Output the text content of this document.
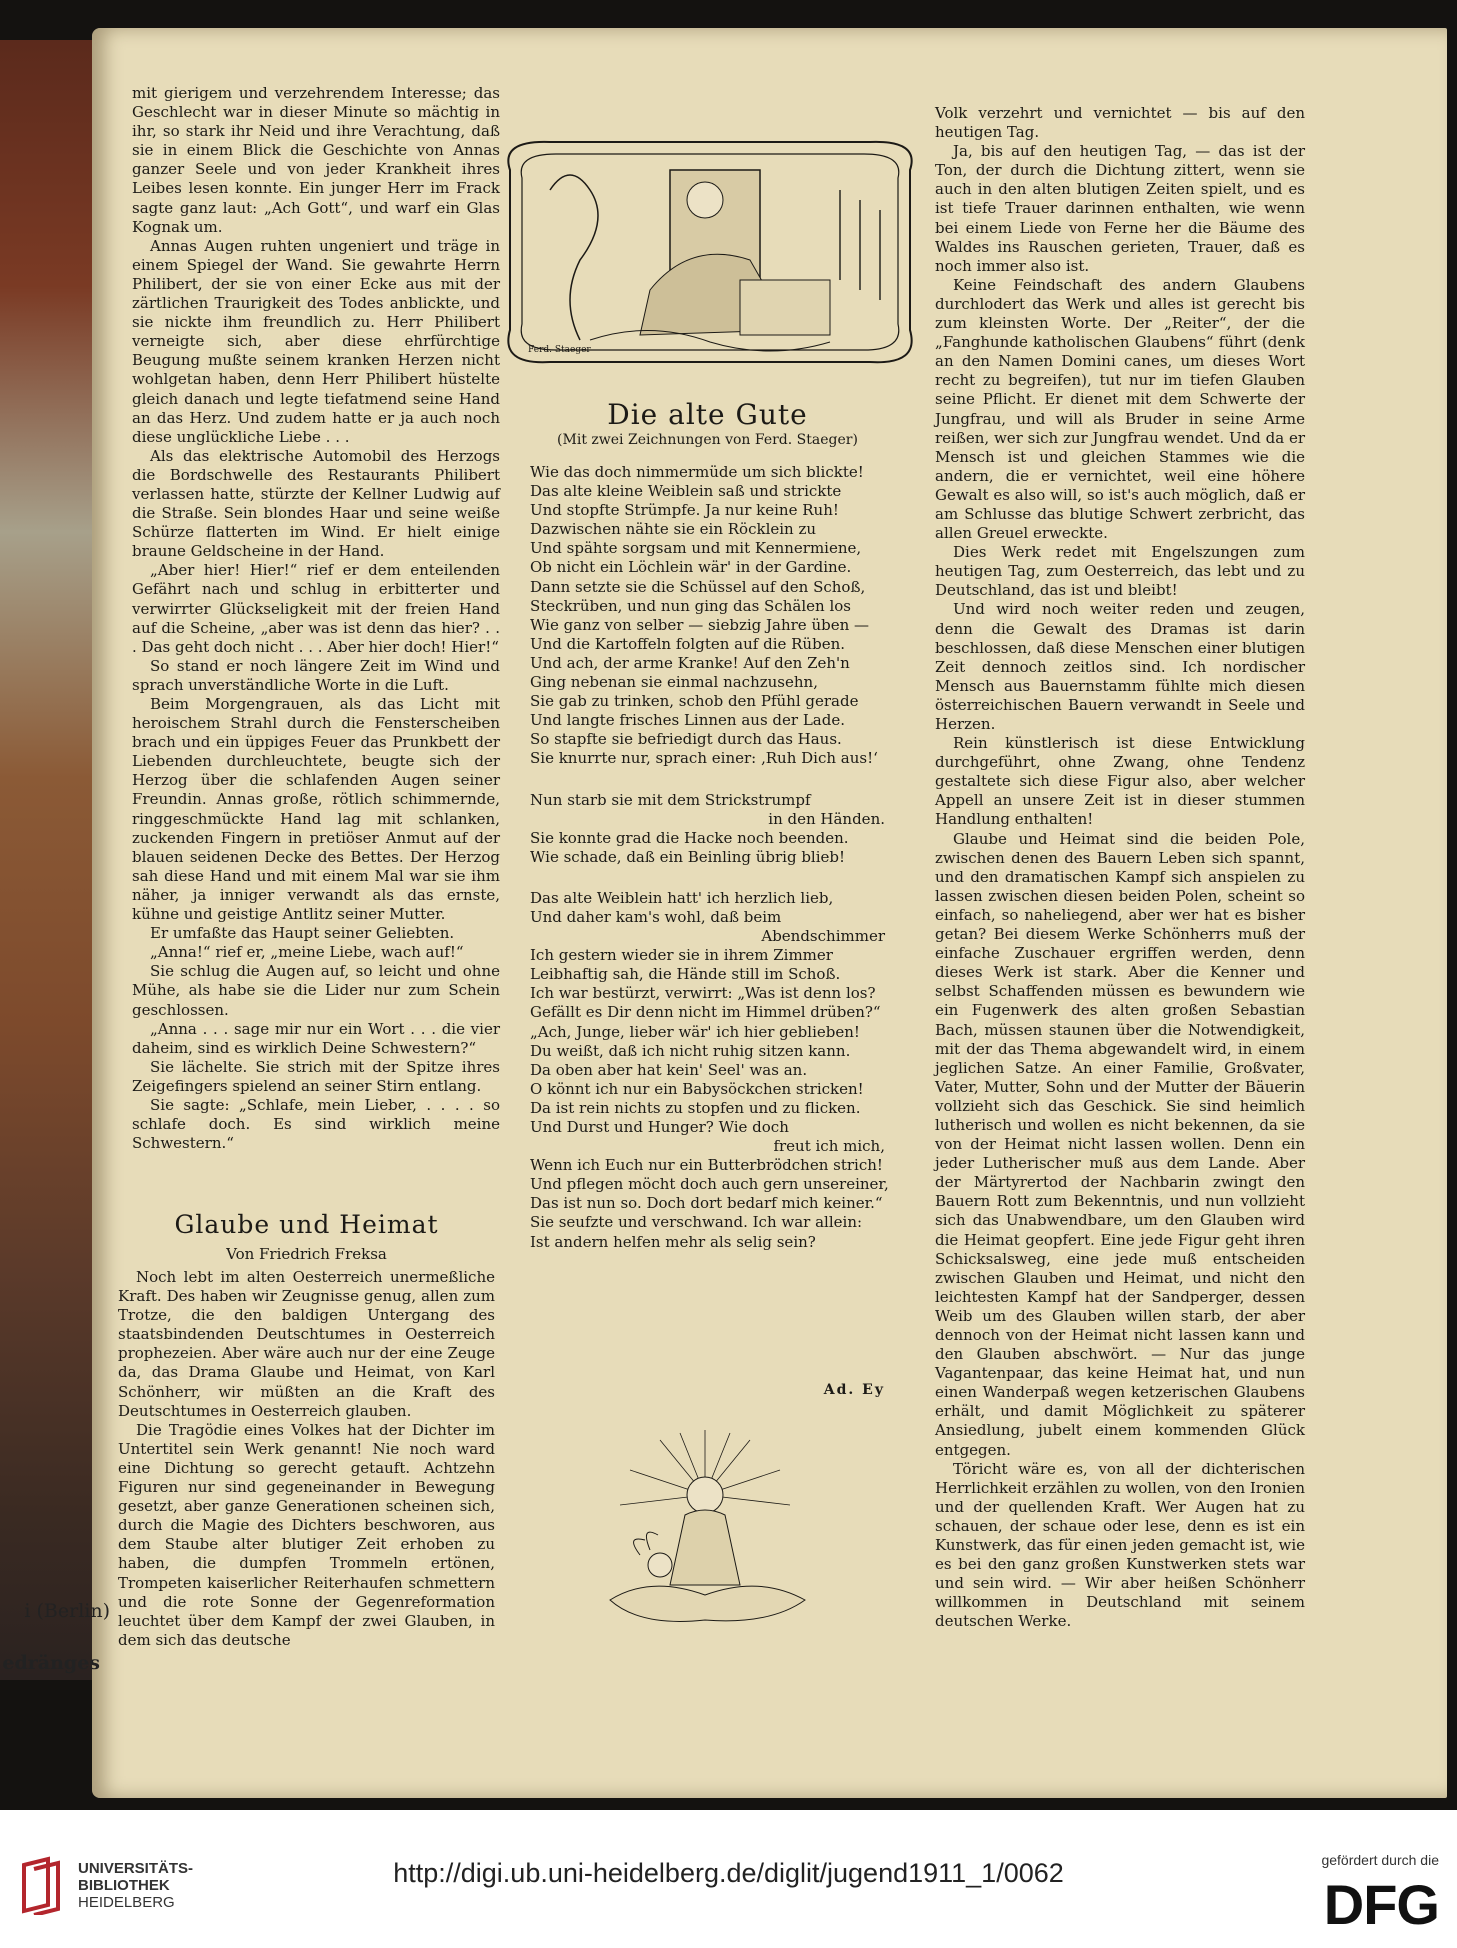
i (Berlin)
edränges

mit gierigem und verzehrendem Interesse; das Geschlecht war in dieser Minute so mächtig in ihr, so stark ihr Neid und ihre Verachtung, daß sie in einem Blick die Geschichte von Annas ganzer Seele und von jeder Krankheit ihres Leibes lesen konnte. Ein junger Herr im Frack sagte ganz laut: „Ach Gott“, und warf ein Glas Kognak um.

Annas Augen ruhten ungeniert und träge in einem Spiegel der Wand. Sie gewahrte Herrn Philibert, der sie von einer Ecke aus mit der zärtlichen Traurigkeit des Todes anblickte, und sie nickte ihm freundlich zu. Herr Philibert verneigte sich, aber diese ehrfürchtige Beugung mußte seinem kranken Herzen nicht wohlgetan haben, denn Herr Philibert hüstelte gleich danach und legte tiefatmend seine Hand an das Herz. Und zudem hatte er ja auch noch diese unglückliche Liebe . . .

Als das elektrische Automobil des Herzogs die Bordschwelle des Restaurants Philibert verlassen hatte, stürzte der Kellner Ludwig auf die Straße. Sein blondes Haar und seine weiße Schürze flatterten im Wind. Er hielt einige braune Geldscheine in der Hand.

„Aber hier! Hier!“ rief er dem enteilenden Gefährt nach und schlug in erbitterter und verwirrter Glückseligkeit mit der freien Hand auf die Scheine, „aber was ist denn das hier? . . . Das geht doch nicht . . . Aber hier doch! Hier!“

So stand er noch längere Zeit im Wind und sprach unverständliche Worte in die Luft.

Beim Morgengrauen, als das Licht mit heroischem Strahl durch die Fensterscheiben brach und ein üppiges Feuer das Prunkbett der Liebenden durchleuchtete, beugte sich der Herzog über die schlafenden Augen seiner Freundin. Annas große, rötlich schimmernde, ringgeschmückte Hand lag mit schlanken, zuckenden Fingern in pretiöser Anmut auf der blauen seidenen Decke des Bettes. Der Herzog sah diese Hand und mit einem Mal war sie ihm näher, ja inniger verwandt als das ernste, kühne und geistige Antlitz seiner Mutter.

Er umfaßte das Haupt seiner Geliebten.

„Anna!“ rief er, „meine Liebe, wach auf!“

Sie schlug die Augen auf, so leicht und ohne Mühe, als habe sie die Lider nur zum Schein geschlossen.

„Anna . . . sage mir nur ein Wort . . . die vier daheim, sind es wirklich Deine Schwestern?“

Sie lächelte. Sie strich mit der Spitze ihres Zeigefingers spielend an seiner Stirn entlang.

Sie sagte: „Schlafe, mein Lieber, . . . . so schlafe doch. Es sind wirklich meine Schwestern.“

Ferd. Staeger
Die alte Gute
(Mit zwei Zeichnungen von Ferd. Staeger)
Wie das doch nimmermüde um sich blickte!
Das alte kleine Weiblein saß und strickte
Und stopfte Strümpfe. Ja nur keine Ruh!
Dazwischen nähte sie ein Röcklein zu
Und spähte sorgsam und mit Kennermiene,
Ob nicht ein Löchlein wär' in der Gardine.
Dann setzte sie die Schüssel auf den Schoß,
Steckrüben, und nun ging das Schälen los
Wie ganz von selber — siebzig Jahre üben —
Und die Kartoffeln folgten auf die Rüben.
Und ach, der arme Kranke! Auf den Zeh'n
Ging nebenan sie einmal nachzusehn,
Sie gab zu trinken, schob den Pfühl gerade
Und langte frisches Linnen aus der Lade.
So stapfte sie befriedigt durch das Haus.
Sie knurrte nur, sprach einer: ‚Ruh Dich aus!‘
Nun starb sie mit dem Strickstrumpf
in den Händen.
Sie konnte grad die Hacke noch beenden.
Wie schade, daß ein Beinling übrig blieb!
Das alte Weiblein hatt' ich herzlich lieb,
Und daher kam's wohl, daß beim
Abendschimmer
Ich gestern wieder sie in ihrem Zimmer
Leibhaftig sah, die Hände still im Schoß.
Ich war bestürzt, verwirrt: „Was ist denn los?
Gefällt es Dir denn nicht im Himmel drüben?“
„Ach, Junge, lieber wär' ich hier geblieben!
Du weißt, daß ich nicht ruhig sitzen kann.
Da oben aber hat kein' Seel' was an.
O könnt ich nur ein Babysöckchen stricken!
Da ist rein nichts zu stopfen und zu flicken.
Und Durst und Hunger? Wie doch
freut ich mich,
Wenn ich Euch nur ein Butterbrödchen strich!
Und pflegen möcht doch auch gern unsereiner,
Das ist nun so. Doch dort bedarf mich keiner.“
Sie seufzte und verschwand. Ich war allein:
Ist andern helfen mehr als selig sein?
Ad. Ey
Glaube und Heimat
Von Friedrich Freksa

Noch lebt im alten Oesterreich unermeßliche Kraft. Des haben wir Zeugnisse genug, allen zum Trotze, die den baldigen Untergang des staatsbindenden Deutschtumes in Oesterreich prophezeien. Aber wäre auch nur der eine Zeuge da, das Drama Glaube und Heimat, von Karl Schönherr, wir müßten an die Kraft des Deutschtumes in Oesterreich glauben.

Die Tragödie eines Volkes hat der Dichter im Untertitel sein Werk genannt! Nie noch ward eine Dichtung so gerecht getauft. Achtzehn Figuren nur sind gegeneinander in Bewegung gesetzt, aber ganze Generationen scheinen sich, durch die Magie des Dichters beschworen, aus dem Staube alter blutiger Zeit erhoben zu haben, die dumpfen Trommeln ertönen, Trompeten kaiserlicher Reiterhaufen schmettern und die rote Sonne der Gegenreformation leuchtet über dem Kampf der zwei Glauben, in dem sich das deutsche

Volk verzehrt und vernichtet — bis auf den heutigen Tag.

Ja, bis auf den heutigen Tag, — das ist der Ton, der durch die Dichtung zittert, wenn sie auch in den alten blutigen Zeiten spielt, und es ist tiefe Trauer darinnen enthalten, wie wenn bei einem Liede von Ferne her die Bäume des Waldes ins Rauschen gerieten, Trauer, daß es noch immer also ist.

Keine Feindschaft des andern Glaubens durchlodert das Werk und alles ist gerecht bis zum kleinsten Worte. Der „Reiter“, der die „Fanghunde katholischen Glaubens“ führt (denk an den Namen Domini canes, um dieses Wort recht zu begreifen), tut nur im tiefen Glauben seine Pflicht. Er dienet mit dem Schwerte der Jungfrau, und will als Bruder in seine Arme reißen, wer sich zur Jungfrau wendet. Und da er Mensch ist und gleichen Stammes wie die andern, die er vernichtet, weil eine höhere Gewalt es also will, so ist's auch möglich, daß er am Schlusse das blutige Schwert zerbricht, das allen Greuel erweckte.

Dies Werk redet mit Engelszungen zum heutigen Tag, zum Oesterreich, das lebt und zu Deutschland, das ist und bleibt!

Und wird noch weiter reden und zeugen, denn die Gewalt des Dramas ist darin beschlossen, daß diese Menschen einer blutigen Zeit dennoch zeitlos sind. Ich nordischer Mensch aus Bauernstamm fühlte mich diesen österreichischen Bauern verwandt in Seele und Herzen.

Rein künstlerisch ist diese Entwicklung durchgeführt, ohne Zwang, ohne Tendenz gestaltete sich diese Figur also, aber welcher Appell an unsere Zeit ist in dieser stummen Handlung enthalten!

Glaube und Heimat sind die beiden Pole, zwischen denen des Bauern Leben sich spannt, und den dramatischen Kampf sich anspielen zu lassen zwischen diesen beiden Polen, scheint so einfach, so naheliegend, aber wer hat es bisher getan? Bei diesem Werke Schönherrs muß der einfache Zuschauer ergriffen werden, denn dieses Werk ist stark. Aber die Kenner und selbst Schaffenden müssen es bewundern wie ein Fugenwerk des alten großen Sebastian Bach, müssen staunen über die Notwendigkeit, mit der das Thema abgewandelt wird, in einem jeglichen Satze. An einer Familie, Großvater, Vater, Mutter, Sohn und der Mutter der Bäuerin vollzieht sich das Geschick. Sie sind heimlich lutherisch und wollen es nicht bekennen, da sie von der Heimat nicht lassen wollen. Denn ein jeder Lutherischer muß aus dem Lande. Aber der Märtyrertod der Nachbarin zwingt den Bauern Rott zum Bekenntnis, und nun vollzieht sich das Unabwendbare, um den Glauben wird die Heimat geopfert. Eine jede Figur geht ihren Schicksalsweg, eine jede muß entscheiden zwischen Glauben und Heimat, und nicht den leichtesten Kampf hat der Sandperger, dessen Weib um des Glauben willen starb, der aber dennoch von der Heimat nicht lassen kann und den Glauben abschwört. — Nur das junge Vagantenpaar, das keine Heimat hat, und nun einen Wanderpaß wegen ketzerischen Glaubens erhält, und damit Möglichkeit zu späterer Ansiedlung, jubelt einem kommenden Glück entgegen.

Töricht wäre es, von all der dichterischen Herrlichkeit erzählen zu wollen, von den Ironien und der quellenden Kraft. Wer Augen hat zu schauen, der schaue oder lese, denn es ist ein Kunstwerk, das für einen jeden gemacht ist, wie es bei den ganz großen Kunstwerken stets war und sein wird. — Wir aber heißen Schönherr willkommen in Deutschland mit seinem deutschen Werke.

UNIVERSITÄTS-
BIBLIOTHEK
HEIDELBERG
http://digi.ub.uni-heidelberg.de/diglit/jugend1911_1/0062	gefördert durch die
DFG
